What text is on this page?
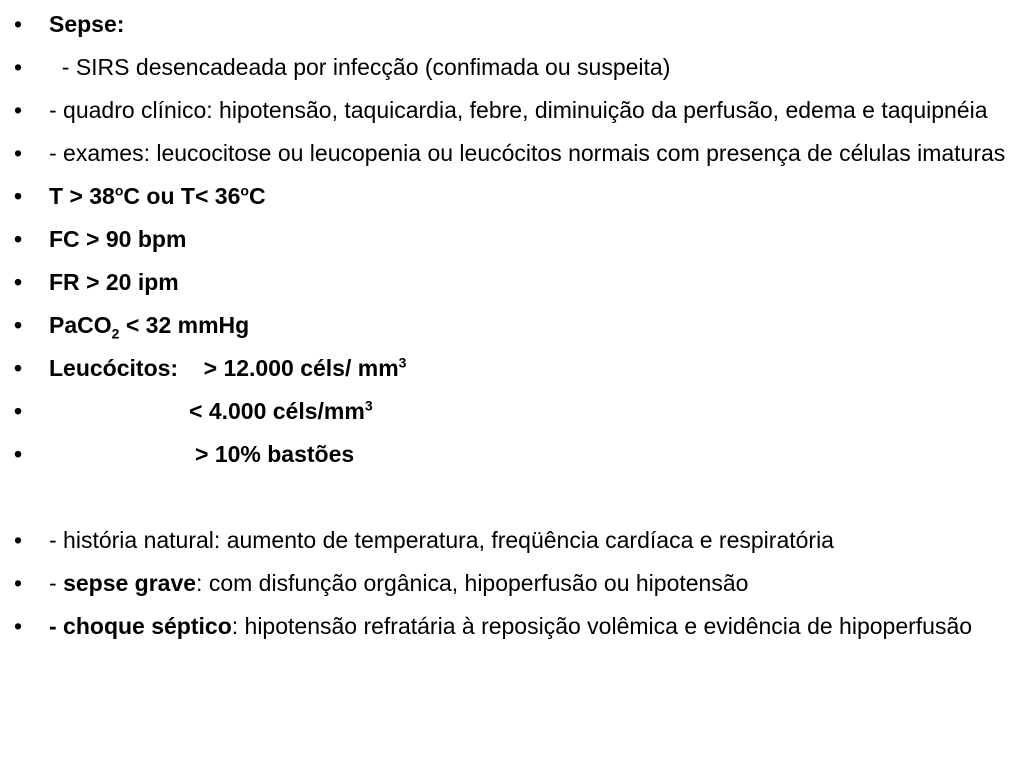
• Sepse:
• - SIRS desencadeada por infecção (confimada ou suspeita)
• - quadro clínico: hipotensão, taquicardia, febre, diminuição da perfusão, edema e taquipnéia
• - exames: leucocitose ou leucopenia ou leucócitos normais com presença de células imaturas
• $T > 38^oC$ ou $T< 36^oC$
• FC > 90 bpm
• FR > 20 ipm
• PaCO$_2$ < 32 mmHg
• Leucócitos:    > 12.000 céls/ $mm^3$
•	< 4.000 céls/$mm^3$
•	> 10% bastões
• - história natural: aumento de temperatura, freqüência cardíaca e respiratória
• - sepse grave: com disfunção orgânica, hipoperfusão ou hipotensão
• - choque séptico: hipotensão refratária à reposição volêmica e evidência de hipoperfusão
